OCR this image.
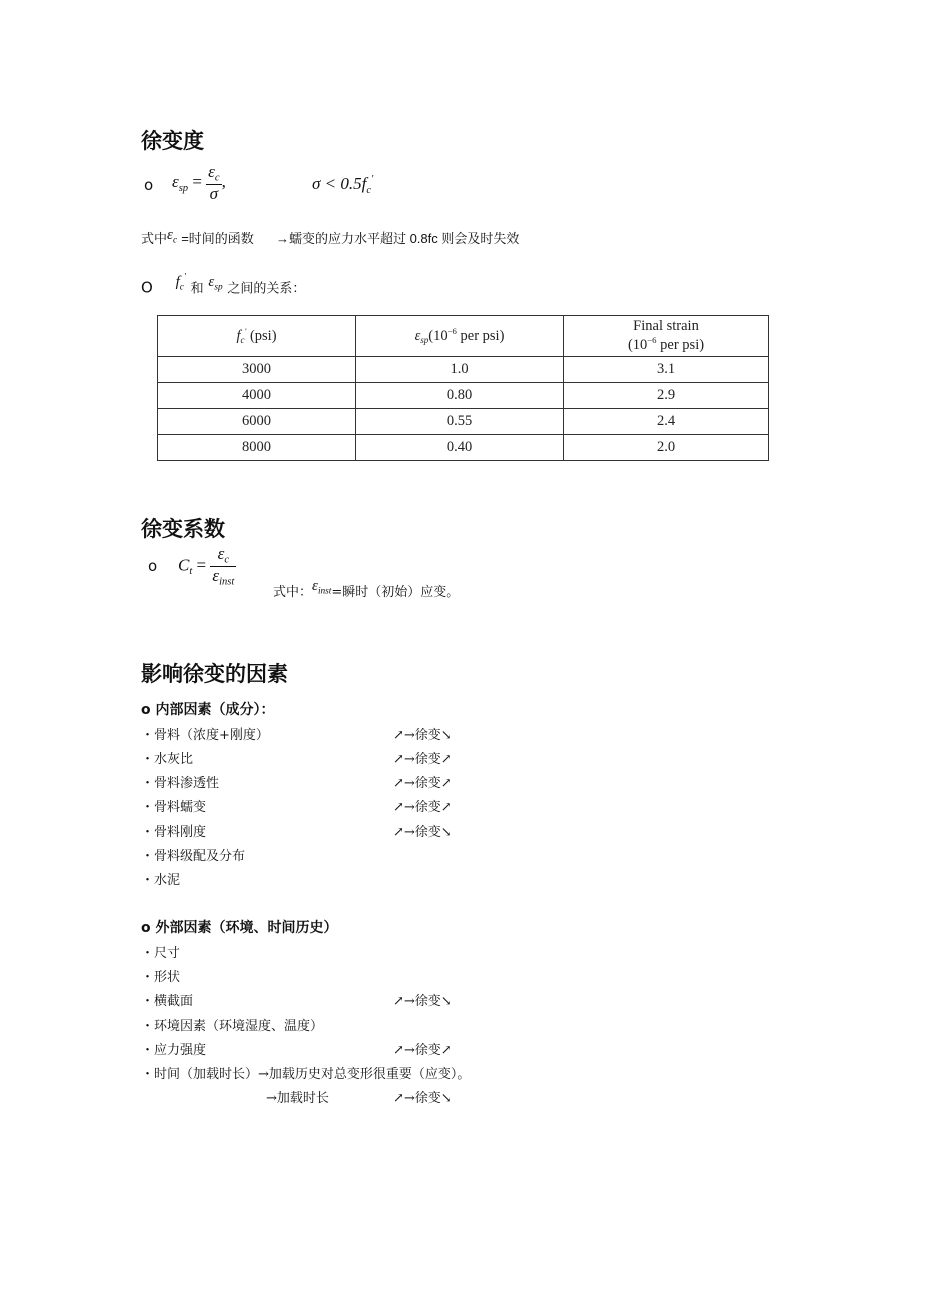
徐变度
o $\varepsilon_{sp} = \frac{\varepsilon_c}{\sigma}$ ,	$\sigma < 0.5f_c'$
式中$\varepsilon_c$ =时间的函数 →蠕变的应力水平超过 0.8fc 则会及时失效
O $f_c'$ 和 $\varepsilon_{sp}$ 之间的关系：
$f_c'$ (psi)	$\varepsilon_{sp}(10^{-6}$ per psi)	Final strain
($10^{-6}$ per psi)
3000	1.0	3.1
4000	0.80	2.9
6000	0.55	2.4
8000	0.40	2.0
徐变系数
o $C_t = \frac{\varepsilon_c}{\varepsilon_{inst}}$
式中：$\varepsilon_{inst}=$瞬时（初始）应变。
影响徐变的因素
o 内部因素（成分）：
・骨料（浓度+刚度）	↗→徐变↘
・水灰比	↗→徐变↗
・骨料渗透性	↗→徐变↗
・骨料蠕变	↗→徐变↗
・骨料刚度	↗→徐变↘
・骨料级配及分布
・水泥
o 外部因素（环境、时间历史）
・尺寸
・形状
・横截面	↗→徐变↘
・环境因素（环境湿度、温度）
・应力强度	↗→徐变↗
・时间（加载时长）→加载历史对总变形很重要（应变）。
→加载时长	↗→徐变↘
